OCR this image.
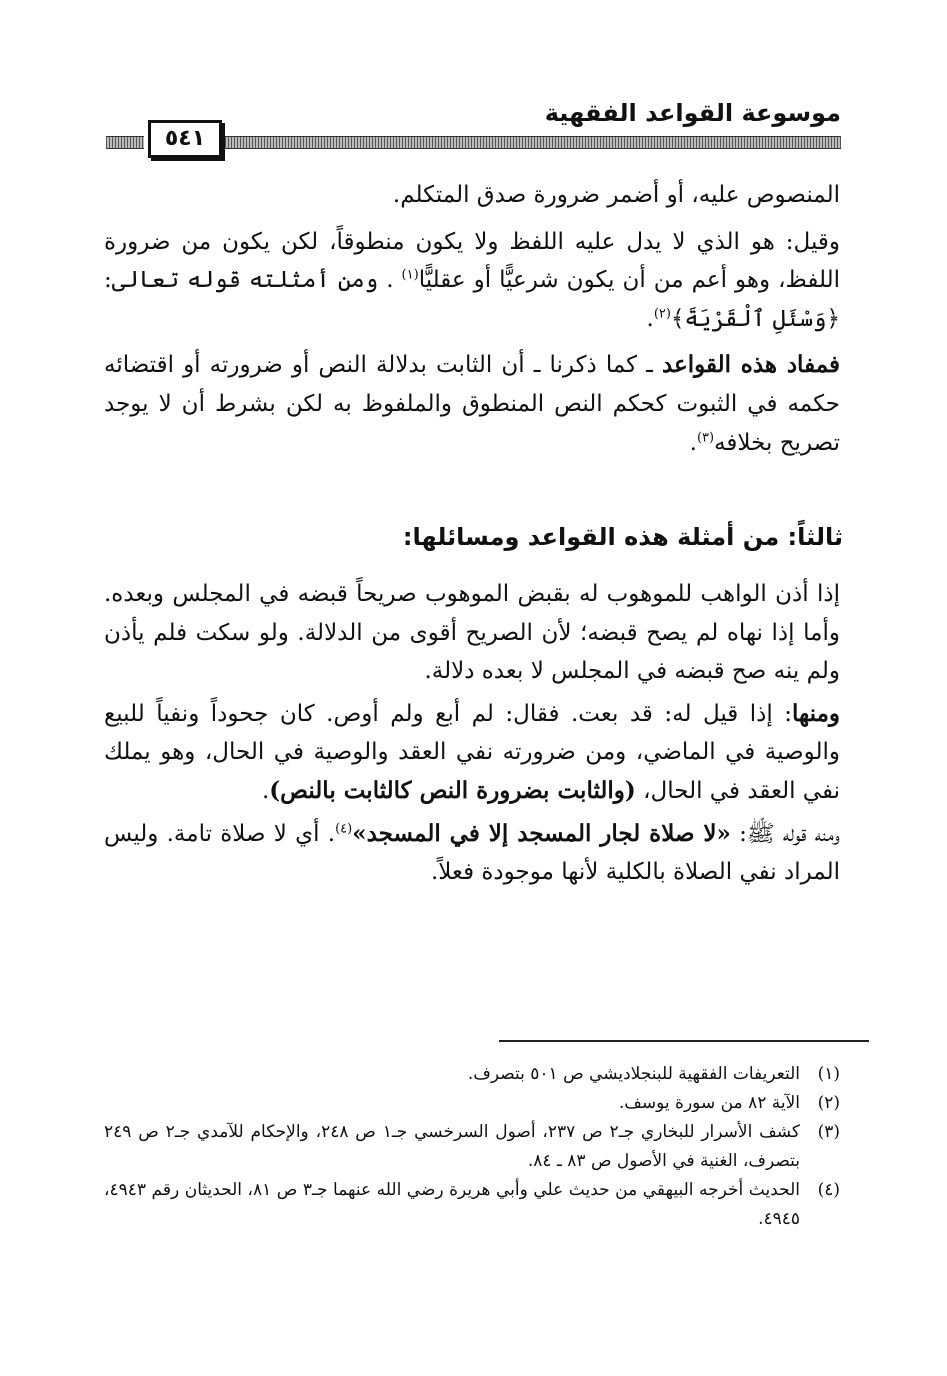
موسوعة القواعد الفقهية
٥٤١

المنصوص عليه، أو أضمر ضرورة صدق المتكلم.

وقيل: هو الذي لا يدل عليه اللفظ ولا يكون منطوقاً، لكن يكون من ضرورة اللفظ، وهو أعم من أن يكون شرعيًّا أو عقليًّا$^{(١)}$ . ومن أمثلته قوله تعالى: ﴿وَسْئَلِ ٱلْقَرْيَةَ﴾$^{(٢)}$.

فمفاد هذه القواعد ـ كما ذكرنا ـ أن الثابت بدلالة النص أو ضرورته أو اقتضائه حكمه في الثبوت كحكم النص المنطوق والملفوظ به لكن بشرط أن لا يوجد تصريح بخلافه$^{(٣)}$.

ثالثاً: من أمثلة هذه القواعد ومسائلها:

إذا أذن الواهب للموهوب له بقبض الموهوب صريحاً قبضه في المجلس وبعده. وأما إذا نهاه لم يصح قبضه؛ لأن الصريح أقوى من الدلالة. ولو سكت فلم يأذن ولم ينه صح قبضه في المجلس لا بعده دلالة.

ومنها: إذا قيل له: قد بعت. فقال: لم أبع ولم أوص. كان جحوداً ونفياً للبيع والوصية في الماضي، ومن ضرورته نفي العقد والوصية في الحال، وهو يملك نفي العقد في الحال، (والثابت بضرورة النص كالثابت بالنص).

ومنه قوله ﷺ: «لا صلاة لجار المسجد إلا في المسجد»$^{(٤)}$. أي لا صلاة تامة. وليس المراد نفي الصلاة بالكلية لأنها موجودة فعلاً.

(١)
التعريفات الفقهية للبنجلاديشي ص ٥٠١ بتصرف.
(٢)
الآية ٨٢ من سورة يوسف.
(٣)
كشف الأسرار للبخاري جـ٢ ص ٢٣٧، أصول السرخسي جـ١ ص ٢٤٨، والإحكام للآمدي جـ٢ ص ٢٤٩ بتصرف، الغنية في الأصول ص ٨٣ ـ ٨٤.
(٤)
الحديث أخرجه البيهقي من حديث علي وأبي هريرة رضي الله عنهما جـ٣ ص ٨١، الحديثان رقم ٤٩٤٣، ٤٩٤٥.
